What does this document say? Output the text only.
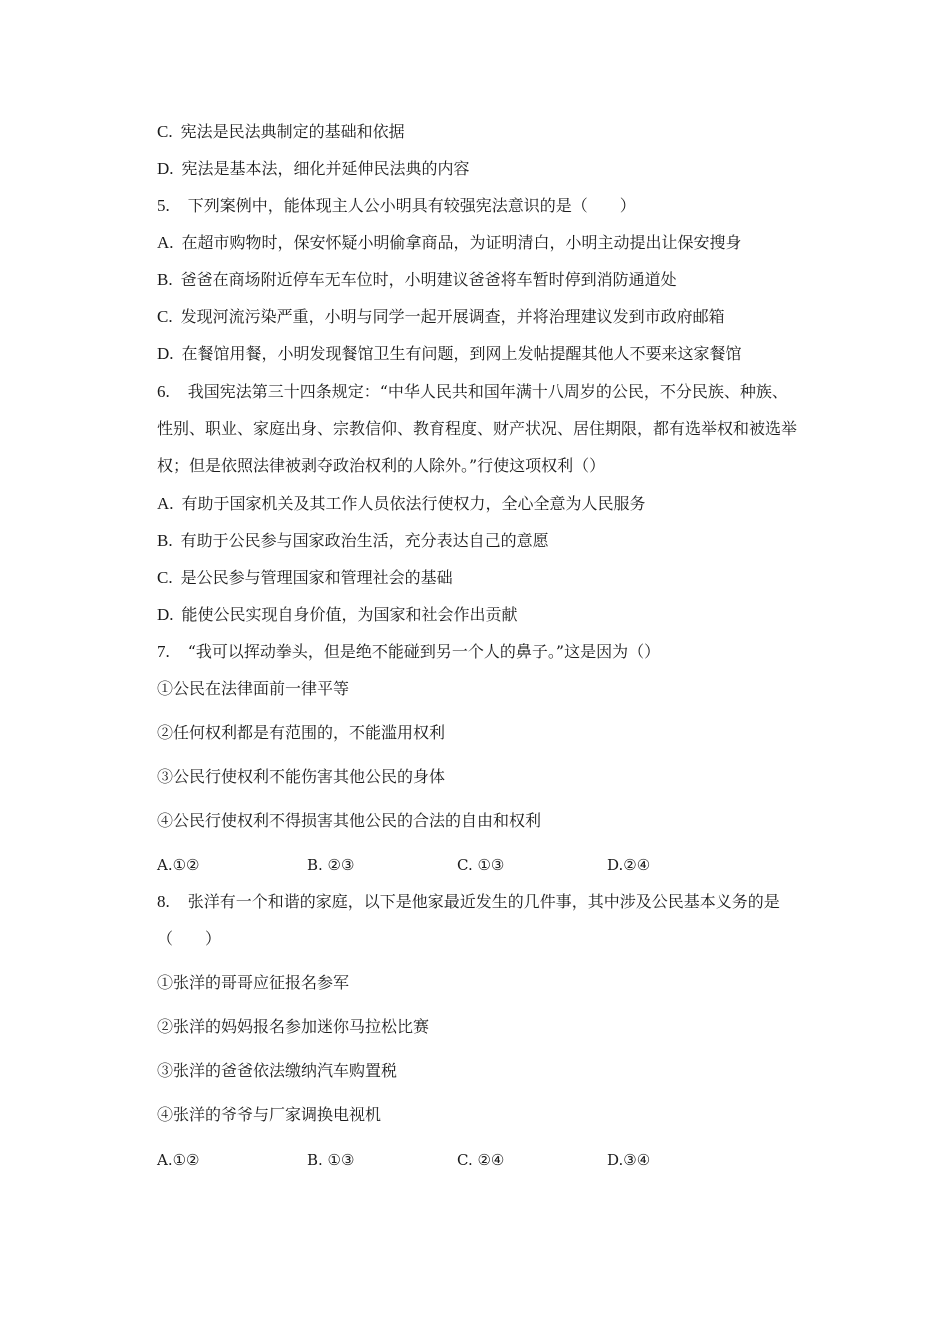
C. 宪法是民法典制定的基础和依据
D. 宪法是基本法，细化并延伸民法典的内容
5. 下列案例中，能体现主人公小明具有较强宪法意识的是（　　）
A. 在超市购物时，保安怀疑小明偷拿商品，为证明清白，小明主动提出让保安搜身
B. 爸爸在商场附近停车无车位时，小明建议爸爸将车暂时停到消防通道处
C. 发现河流污染严重，小明与同学一起开展调查，并将治理建议发到市政府邮箱
D. 在餐馆用餐，小明发现餐馆卫生有问题，到网上发帖提醒其他人不要来这家餐馆
6. 我国宪法第三十四条规定：“中华人民共和国年满十八周岁的公民，不分民族、种族、
性别、职业、家庭出身、宗教信仰、教育程度、财产状况、居住期限，都有选举权和被选举
权；但是依照法律被剥夺政治权利的人除外。”行使这项权利（）
A. 有助于国家机关及其工作人员依法行使权力，全心全意为人民服务
B. 有助于公民参与国家政治生活，充分表达自己的意愿
C. 是公民参与管理国家和管理社会的基础
D. 能使公民实现自身价值，为国家和社会作出贡献
7. “我可以挥动拳头，但是绝不能碰到另一个人的鼻子。”这是因为（）
①公民在法律面前一律平等
②任何权利都是有范围的，不能滥用权利
③公民行使权利不能伤害其他公民的身体
④公民行使权利不得损害其他公民的合法的自由和权利
A.①②	B. ②③	C. ①③	D.②④
8. 张洋有一个和谐的家庭，以下是他家最近发生的几件事，其中涉及公民基本义务的是
（　　）
①张洋的哥哥应征报名参军
②张洋的妈妈报名参加迷你马拉松比赛
③张洋的爸爸依法缴纳汽车购置税
④张洋的爷爷与厂家调换电视机
A.①②	B. ①③	C. ②④	D.③④
